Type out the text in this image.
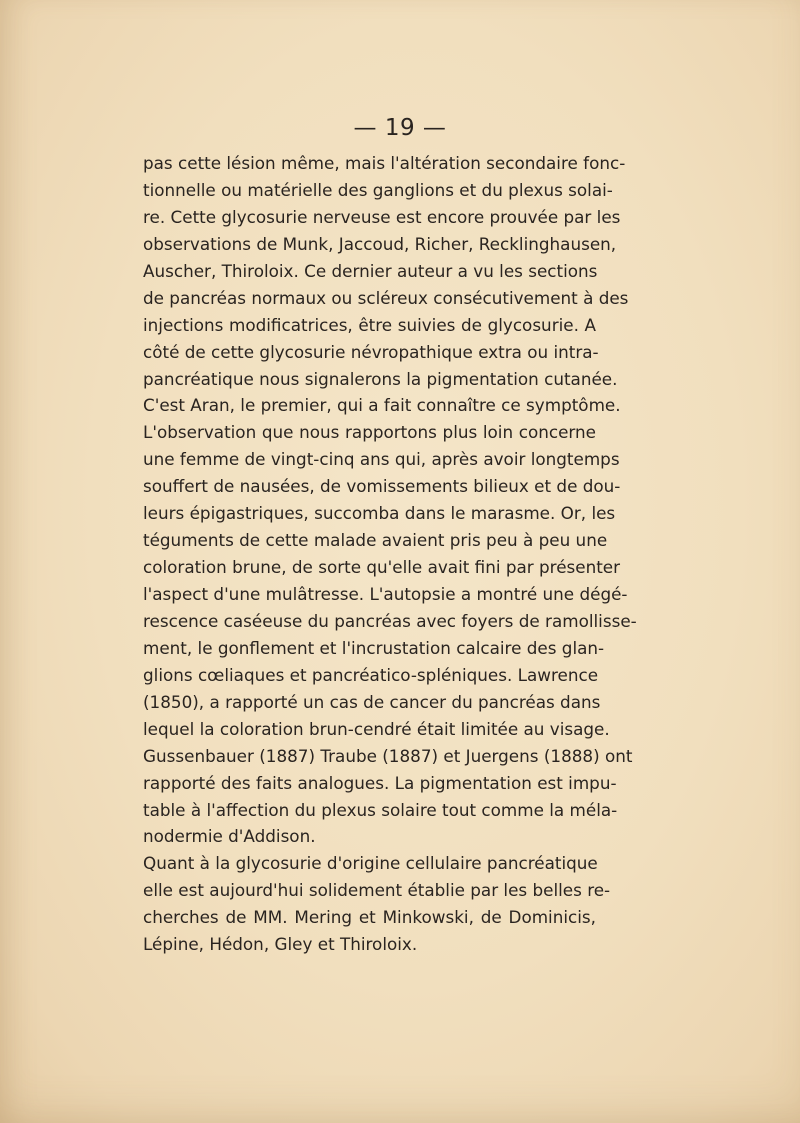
— 19 —
pas cette lésion même, mais l'altération secondaire fonc-
tionnelle ou matérielle des ganglions et du plexus solai-
re. Cette glycosurie nerveuse est encore prouvée par les
observations de Munk, Jaccoud, Richer, Recklinghausen,
Auscher, Thiroloix. Ce dernier auteur a vu les sections
de pancréas normaux ou scléreux consécutivement à des
injections modificatrices, être suivies de glycosurie. A
côté de cette glycosurie névropathique extra ou intra-
pancréatique nous signalerons la pigmentation cutanée.
C'est Aran, le premier, qui a fait connaître ce symptôme.
L'observation que nous rapportons plus loin concerne
une femme de vingt-cinq ans qui, après avoir longtemps
souffert de nausées, de vomissements bilieux et de dou-
leurs épigastriques, succomba dans le marasme. Or, les
téguments de cette malade avaient pris peu à peu une
coloration brune, de sorte qu'elle avait fini par présenter
l'aspect d'une mulâtresse. L'autopsie a montré une dégé-
rescence caséeuse du pancréas avec foyers de ramollisse-
ment, le gonflement et l'incrustation calcaire des glan-
glions cœliaques et pancréatico-spléniques. Lawrence
(1850), a rapporté un cas de cancer du pancréas dans
lequel la coloration brun-cendré était limitée au visage.
Gussenbauer (1887) Traube (1887) et Juergens (1888) ont
rapporté des faits analogues. La pigmentation est impu-
table à l'affection du plexus solaire tout comme la méla-
nodermie d'Addison.
Quant à la glycosurie d'origine cellulaire pancréatique
elle est aujourd'hui solidement établie par les belles re-
cherches de MM. Mering et Minkowski, de Dominicis,
Lépine, Hédon, Gley et Thiroloix.
